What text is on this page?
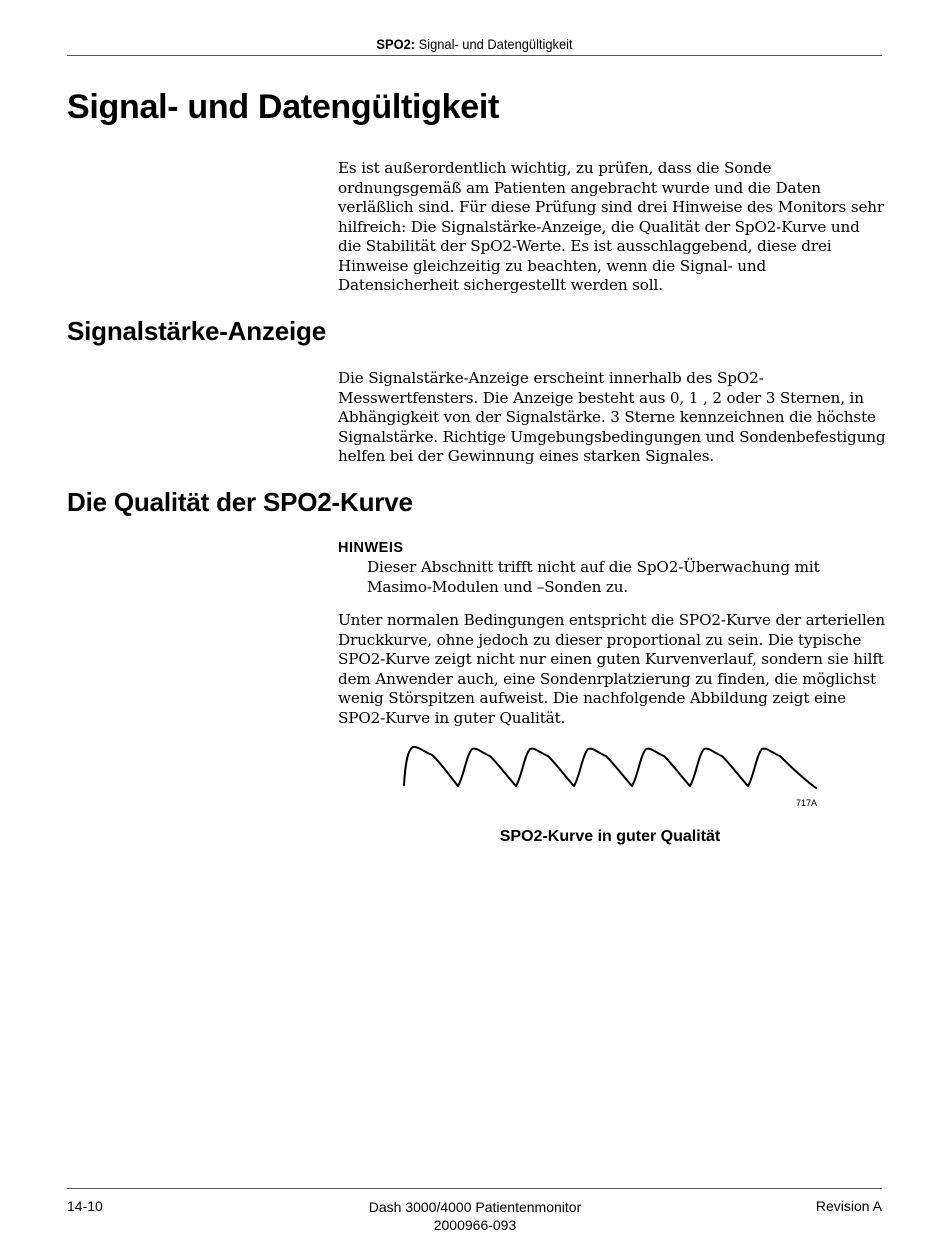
SPO2: Signal- und Datengültigkeit
Signal- und Datengültigkeit

Es ist außerordentlich wichtig, zu prüfen, dass die Sonde ordnungsgemäß am Patienten angebracht wurde und die Daten verläßlich sind. Für diese Prüfung sind drei Hinweise des Monitors sehr hilfreich: Die Signalstärke-Anzeige, die Qualität der SpO2-Kurve und die Stabilität der SpO2-Werte. Es ist ausschlaggebend, diese drei Hinweise gleichzeitig zu beachten, wenn die Signal- und Datensicherheit sichergestellt werden soll.

Signalstärke-Anzeige

Die Signalstärke-Anzeige erscheint innerhalb des SpO2-Messwertfensters. Die Anzeige besteht aus 0, 1 , 2 oder 3 Sternen, in Abhängigkeit von der Signalstärke. 3 Sterne kennzeichnen die höchste Signalstärke. Richtige Umgebungsbedingungen und Sondenbefestigung helfen bei der Gewinnung eines starken Signales.

Die Qualität der SPO2-Kurve
HINWEIS

Dieser Abschnitt trifft nicht auf die SpO2-Überwachung mit Masimo-Modulen und –Sonden zu.

Unter normalen Bedingungen entspricht die SPO2-Kurve der arteriellen Druckkurve, ohne jedoch zu dieser proportional zu sein. Die typische SPO2-Kurve zeigt nicht nur einen guten Kurvenverlauf, sondern sie hilft dem Anwender auch, eine Sondenrplatzierung zu finden, die möglichst wenig Störspitzen aufweist. Die nachfolgende Abbildung zeigt eine SPO2-Kurve in guter Qualität.

717A
SPO2-Kurve in guter Qualität
14-10	Dash 3000/4000 Patientenmonitor
2000966-093
Revision A
